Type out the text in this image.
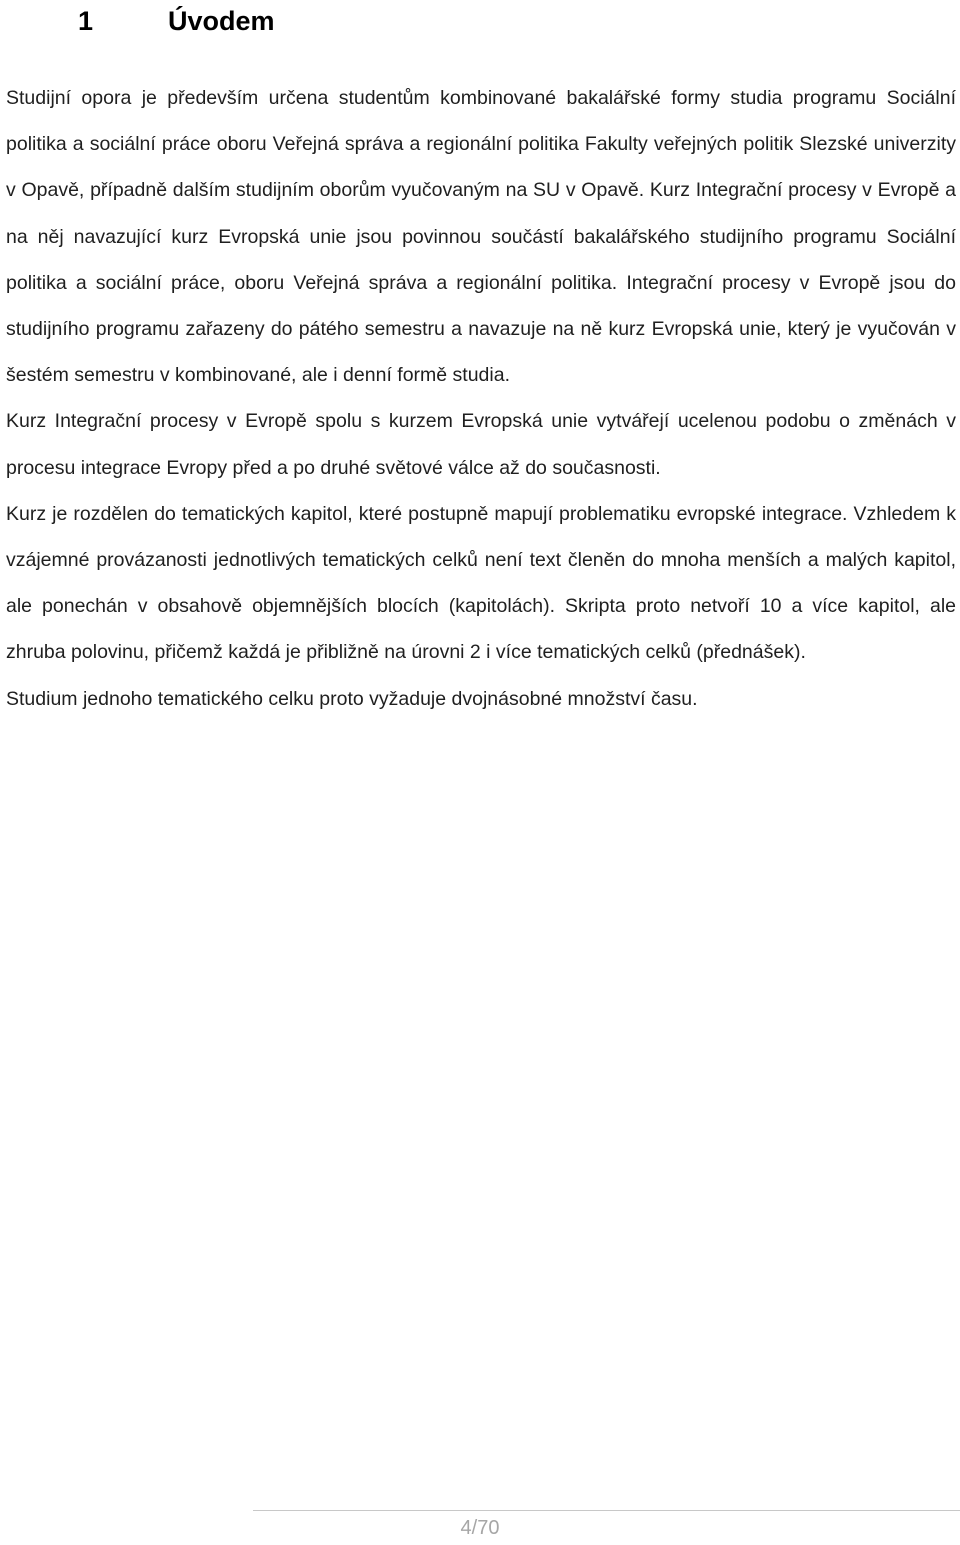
1	Úvodem

Studijní opora je především určena studentům kombinované bakalářské formy studia programu Sociální politika a sociální práce oboru Veřejná správa a regionální politika Fakulty veřejných politik Slezské univerzity v Opavě, případně dalším studijním oborům vyučovaným na SU v Opavě. Kurz Integrační procesy v Evropě a na něj navazující kurz Evropská unie jsou povinnou součástí bakalářského studijního programu Sociální politika a sociální práce, oboru Veřejná správa a regionální politika. Integrační procesy v Evropě jsou do studijního programu zařazeny do pátého semestru a navazuje na ně kurz Evropská unie, který je vyučován v šestém semestru v kombinované, ale i denní formě studia.

Kurz Integrační procesy v Evropě spolu s kurzem Evropská unie vytvářejí ucelenou podobu o změnách v procesu integrace Evropy před a po druhé světové válce až do současnosti.

Kurz je rozdělen do tematických kapitol, které postupně mapují problematiku evropské integrace. Vzhledem k vzájemné provázanosti jednotlivých tematických celků není text členěn do mnoha menších a malých kapitol, ale ponechán v obsahově objemnějších blocích (kapitolách). Skripta proto netvoří 10 a více kapitol, ale zhruba polovinu, přičemž každá je přibližně na úrovni 2 i více tematických celků (přednášek).

Studium jednoho tematického celku proto vyžaduje dvojnásobné množství času.

4/70
